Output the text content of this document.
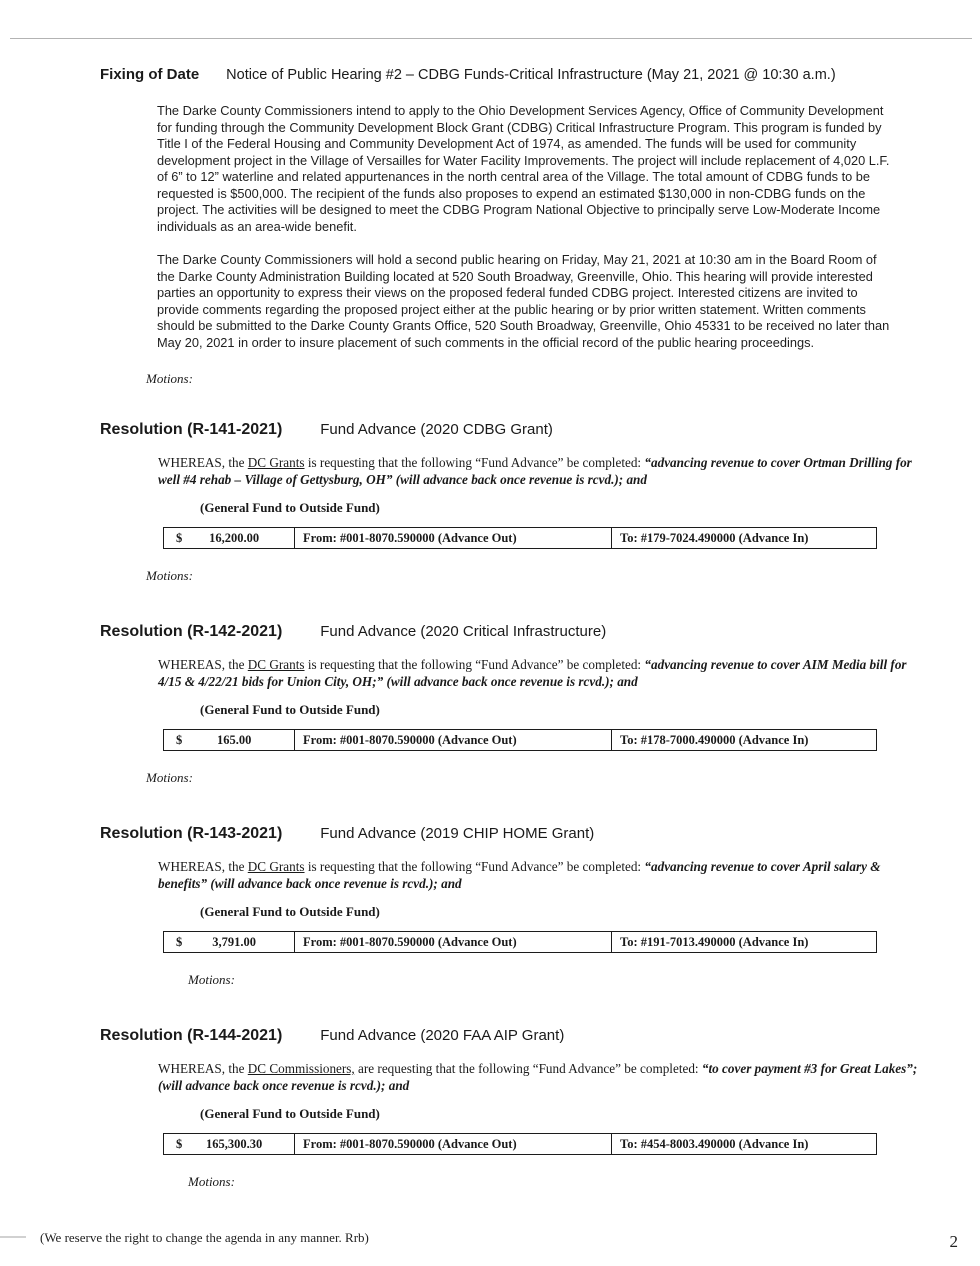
Fixing of Date Notice of Public Hearing #2 – CDBG Funds-Critical Infrastructure (May 21, 2021 @ 10:30 a.m.)

The Darke County Commissioners intend to apply to the Ohio Development Services Agency, Office of Community Development for funding through the Community Development Block Grant (CDBG) Critical Infrastructure Program. This program is funded by Title I of the Federal Housing and Community Development Act of 1974, as amended. The funds will be used for community development project in the Village of Versailles for Water Facility Improvements. The project will include replacement of 4,020 L.F. of 6” to 12” waterline and related appurtenances in the north central area of the Village. The total amount of CDBG funds to be requested is $500,000. The recipient of the funds also proposes to expend an estimated $130,000 in non-CDBG funds on the project. The activities will be designed to meet the CDBG Program National Objective to principally serve Low-Moderate Income individuals as an area-wide benefit.

The Darke County Commissioners will hold a second public hearing on Friday, May 21, 2021 at 10:30 am in the Board Room of the Darke County Administration Building located at 520 South Broadway, Greenville, Ohio. This hearing will provide interested parties an opportunity to express their views on the proposed federal funded CDBG project. Interested citizens are invited to provide comments regarding the proposed project either at the public hearing or by prior written statement. Written comments should be submitted to the Darke County Grants Office, 520 South Broadway, Greenville, Ohio 45331 to be received no later than May 20, 2021 in order to insure placement of such comments in the official record of the public hearing proceedings.

Motions:
Resolution (R-141-2021)	Fund Advance (2020 CDBG Grant)

WHEREAS, the DC Grants is requesting that the following “Fund Advance” be completed: “advancing revenue to cover Ortman Drilling for well #4 rehab – Village of Gettysburg, OH” (will advance back once revenue is rcvd.); and

(General Fund to Outside Fund)
$	16,200.00	From: #001-8070.590000 (Advance Out)	To: #179-7024.490000 (Advance In)
Motions:
Resolution (R-142-2021)	Fund Advance (2020 Critical Infrastructure)

WHEREAS, the DC Grants is requesting that the following “Fund Advance” be completed: “advancing revenue to cover AIM Media bill for 4/15 & 4/22/21 bids for Union City, OH;” (will advance back once revenue is rcvd.); and

(General Fund to Outside Fund)
$	165.00	From: #001-8070.590000 (Advance Out)	To: #178-7000.490000 (Advance In)
Motions:
Resolution (R-143-2021)	Fund Advance (2019 CHIP HOME Grant)

WHEREAS, the DC Grants is requesting that the following “Fund Advance” be completed: “advancing revenue to cover April salary & benefits” (will advance back once revenue is rcvd.); and

(General Fund to Outside Fund)
$	3,791.00	From: #001-8070.590000 (Advance Out)	To: #191-7013.490000 (Advance In)
Motions:
Resolution (R-144-2021)	Fund Advance (2020 FAA AIP Grant)

WHEREAS, the DC Commissioners, are requesting that the following “Fund Advance” be completed: “to cover payment #3 for Great Lakes”; (will advance back once revenue is rcvd.); and

(General Fund to Outside Fund)
$	165,300.30	From: #001-8070.590000 (Advance Out)	To: #454-8003.490000 (Advance In)
Motions:
(We reserve the right to change the agenda in any manner. Rrb)	2
